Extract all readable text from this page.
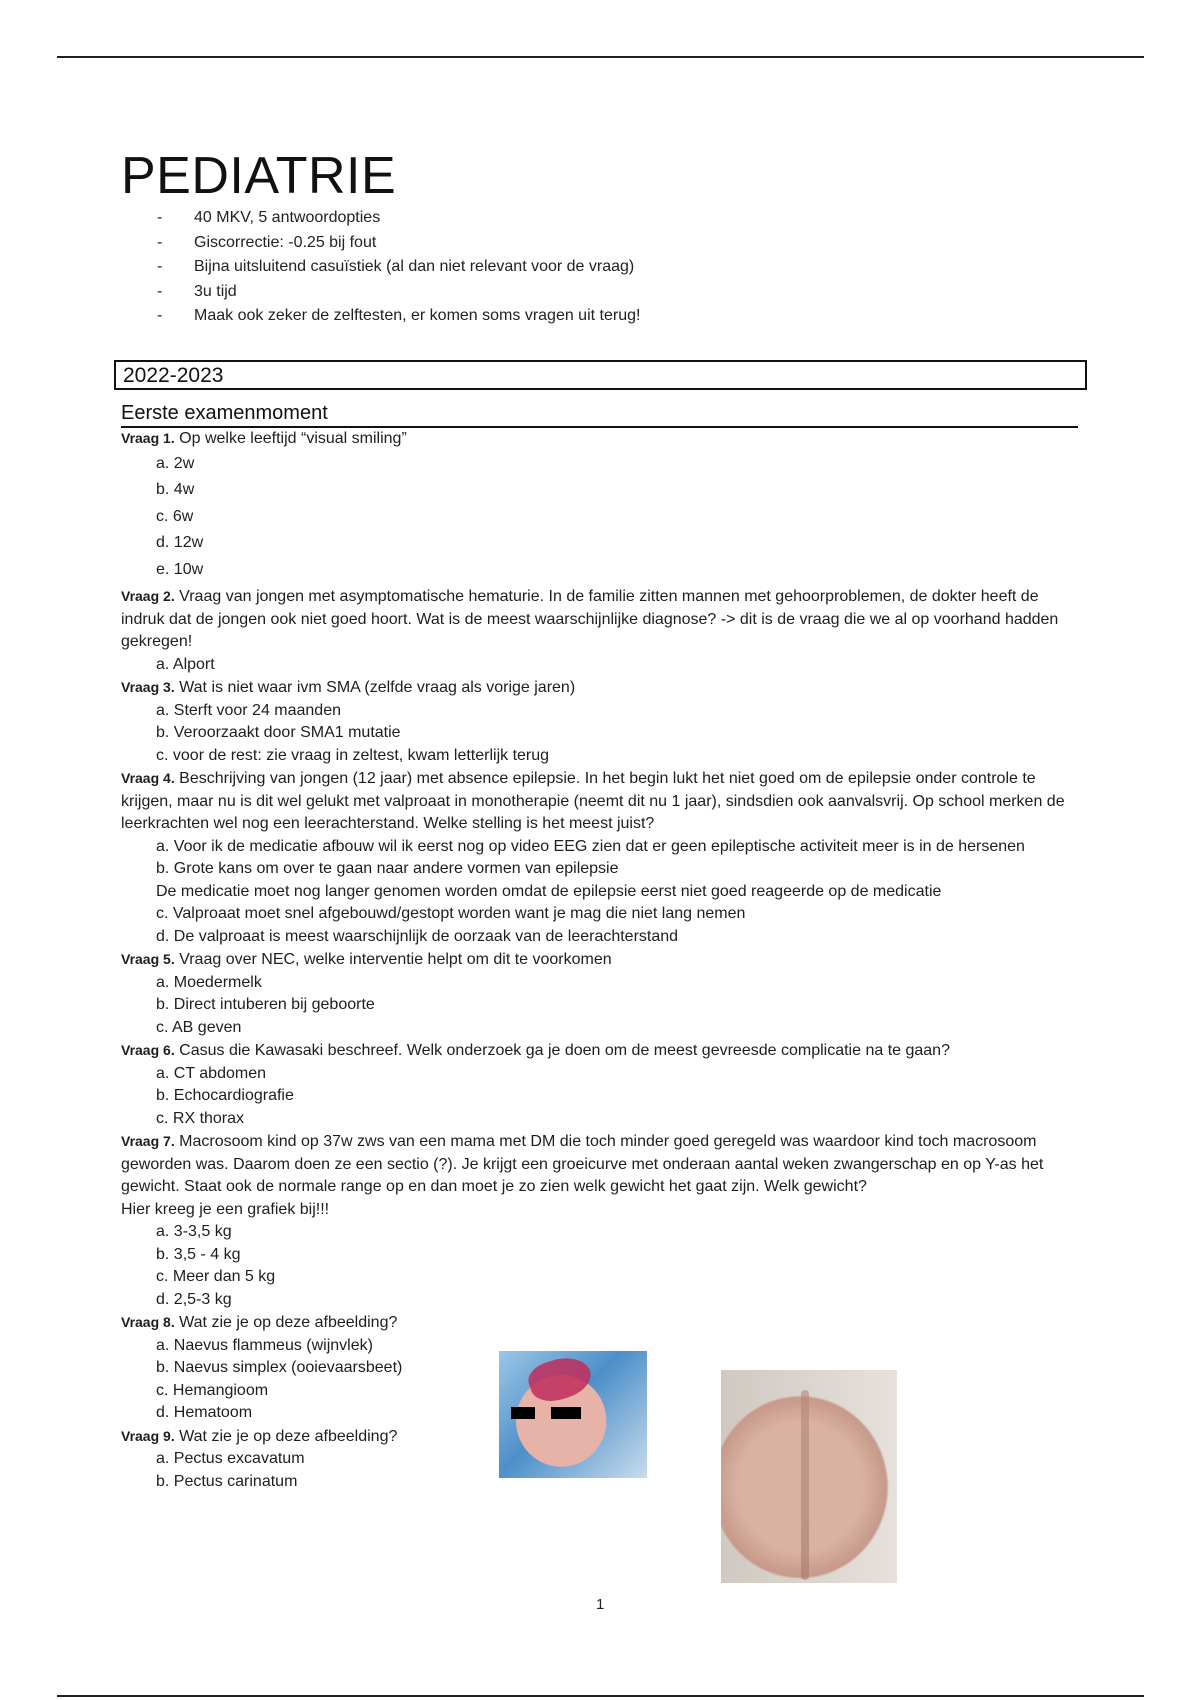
PEDIATRIE
- 40 MKV, 5 antwoordopties
- Giscorrectie: -0.25 bij fout
- Bijna uitsluitend casuïstiek (al dan niet relevant voor de vraag)
- 3u tijd
- Maak ook zeker de zelftesten, er komen soms vragen uit terug!
2022-2023
Eerste examenmoment

Vraag 1. Op welke leeftijd “visual smiling”

a. 2w
b. 4w
c. 6w
d. 12w
e. 10w

Vraag 2. Vraag van jongen met asymptomatische hematurie. In de familie zitten mannen met gehoorproblemen, de dokter heeft de indruk dat de jongen ook niet goed hoort. Wat is de meest waarschijnlijke diagnose? -> dit is de vraag die we al op voorhand hadden gekregen!

a. Alport

Vraag 3. Wat is niet waar ivm SMA (zelfde vraag als vorige jaren)

a. Sterft voor 24 maanden
b. Veroorzaakt door SMA1 mutatie
c. voor de rest: zie vraag in zeltest, kwam letterlijk terug

Vraag 4. Beschrijving van jongen (12 jaar) met absence epilepsie. In het begin lukt het niet goed om de epilepsie onder controle te krijgen, maar nu is dit wel gelukt met valproaat in monotherapie (neemt dit nu 1 jaar), sindsdien ook aanvalsvrij. Op school merken de leerkrachten wel nog een leerachterstand. Welke stelling is het meest juist?

a. Voor ik de medicatie afbouw wil ik eerst nog op video EEG zien dat er geen epileptische activiteit meer is in de hersenen
b. Grote kans om over te gaan naar andere vormen van epilepsie

De medicatie moet nog langer genomen worden omdat de epilepsie eerst niet goed reageerde op de medicatie

c. Valproaat moet snel afgebouwd/gestopt worden want je mag die niet lang nemen
d. De valproaat is meest waarschijnlijk de oorzaak van de leerachterstand

Vraag 5. Vraag over NEC, welke interventie helpt om dit te voorkomen

a. Moedermelk
b. Direct intuberen bij geboorte
c. AB geven

Vraag 6. Casus die Kawasaki beschreef. Welk onderzoek ga je doen om de meest gevreesde complicatie na te gaan?

a. CT abdomen
b. Echocardiografie
c. RX thorax

Vraag 7. Macrosoom kind op 37w zws van een mama met DM die toch minder goed geregeld was waardoor kind toch macrosoom geworden was. Daarom doen ze een sectio (?). Je krijgt een groeicurve met onderaan aantal weken zwangerschap en op Y-as het gewicht. Staat ook de normale range op en dan moet je zo zien welk gewicht het gaat zijn. Welk gewicht?

Hier kreeg je een grafiek bij!!!

a. 3-3,5 kg
b. 3,5 - 4 kg
c. Meer dan 5 kg
d. 2,5-3 kg

Vraag 8. Wat zie je op deze afbeelding?

a. Naevus flammeus (wijnvlek)
b. Naevus simplex (ooievaarsbeet)
c. Hemangioom
d. Hematoom

Vraag 9. Wat zie je op deze afbeelding?

a. Pectus excavatum
b. Pectus carinatum
1
